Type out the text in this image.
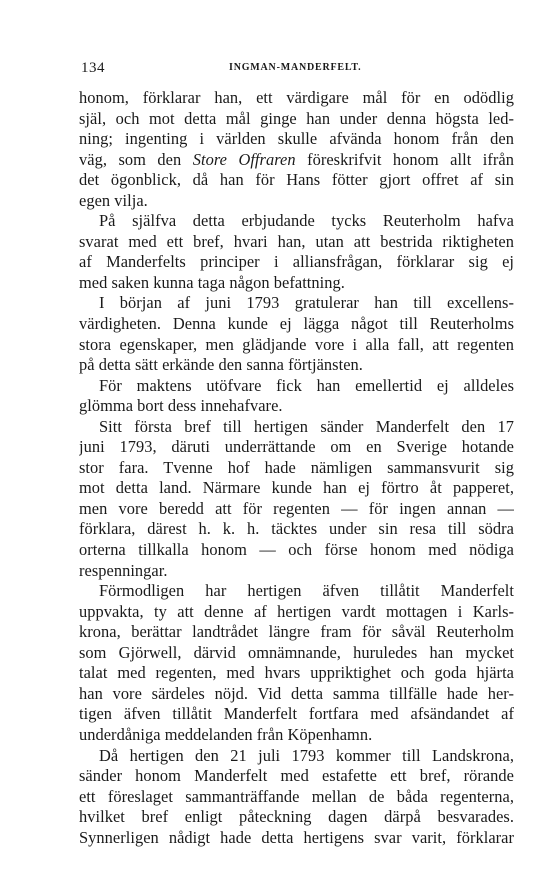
134	INGMAN-MANDERFELT.
honom, förklarar han, ett värdigare mål för en odödlig
själ, och mot detta mål ginge han under denna högsta led-
ning; ingenting i världen skulle afvända honom från den
väg, som den Store Offraren föreskrifvit honom allt ifrån
det ögonblick, då han för Hans fötter gjort offret af sin
egen vilja.
På själfva detta erbjudande tycks Reuterholm hafva
svarat med ett bref, hvari han, utan att bestrida riktigheten
af Manderfelts principer i alliansfrågan, förklarar sig ej
med saken kunna taga någon befattning.
I början af juni 1793 gratulerar han till excellens-
värdigheten. Denna kunde ej lägga något till Reuterholms
stora egenskaper, men glädjande vore i alla fall, att regenten
på detta sätt erkände den sanna förtjänsten.
För maktens utöfvare fick han emellertid ej alldeles
glömma bort dess innehafvare.
Sitt första bref till hertigen sänder Manderfelt den 17
juni 1793, däruti underrättande om en Sverige hotande
stor fara. Tvenne hof hade nämligen sammansvurit sig
mot detta land. Närmare kunde han ej förtro åt papperet,
men vore beredd att för regenten — för ingen annan —
förklara, därest h. k. h. täcktes under sin resa till södra
orterna tillkalla honom — och förse honom med nödiga
respenningar.
Förmodligen har hertigen äfven tillåtit Manderfelt
uppvakta, ty att denne af hertigen vardt mottagen i Karls-
krona, berättar landtrådet längre fram för såväl Reuterholm
som Gjörwell, därvid omnämnande, huruledes han mycket
talat med regenten, med hvars uppriktighet och goda hjärta
han vore särdeles nöjd. Vid detta samma tillfälle hade her-
tigen äfven tillåtit Manderfelt fortfara med afsändandet af
underdåniga meddelanden från Köpenhamn.
Då hertigen den 21 juli 1793 kommer till Landskrona,
sänder honom Manderfelt med estafette ett bref, rörande
ett föreslaget sammanträffande mellan de båda regenterna,
hvilket bref enligt påteckning dagen därpå besvarades.
Synnerligen nådigt hade detta hertigens svar varit, förklarar
